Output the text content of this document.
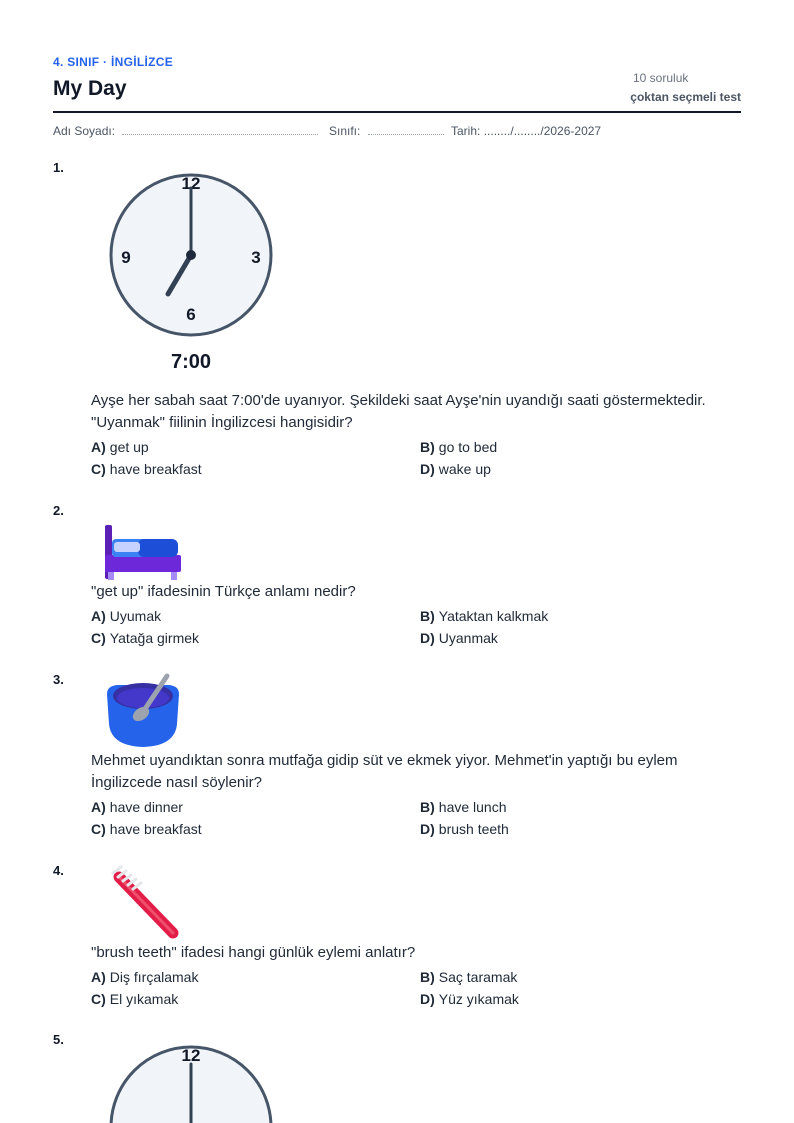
4. SINIF · İNGİLİZCE
My Day	10 soruluk
çoktan seçmeli test
Adı Soyadı:	Sınıfı:	Tarih: ......../......../2026-2027
1.
12
3
6
9
7:00
Ayşe her sabah saat 7:00'de uyanıyor. Şekildeki saat Ayşe'nin uyandığı saati göstermektedir. "Uyanmak" fiilinin İngilizcesi hangisidir?
A) get up	B) go to bed
C) have breakfast	D) wake up
2.
"get up" ifadesinin Türkçe anlamı nedir?
A) Uyumak	B) Yataktan kalkmak
C) Yatağa girmek	D) Uyanmak
3.
Mehmet uyandıktan sonra mutfağa gidip süt ve ekmek yiyor. Mehmet'in yaptığı bu eylem İngilizcede nasıl söylenir?
A) have dinner	B) have lunch
C) have breakfast	D) brush teeth
4.
"brush teeth" ifadesi hangi günlük eylemi anlatır?
A) Diş fırçalamak	B) Saç taramak
C) El yıkamak	D) Yüz yıkamak
5.
12
